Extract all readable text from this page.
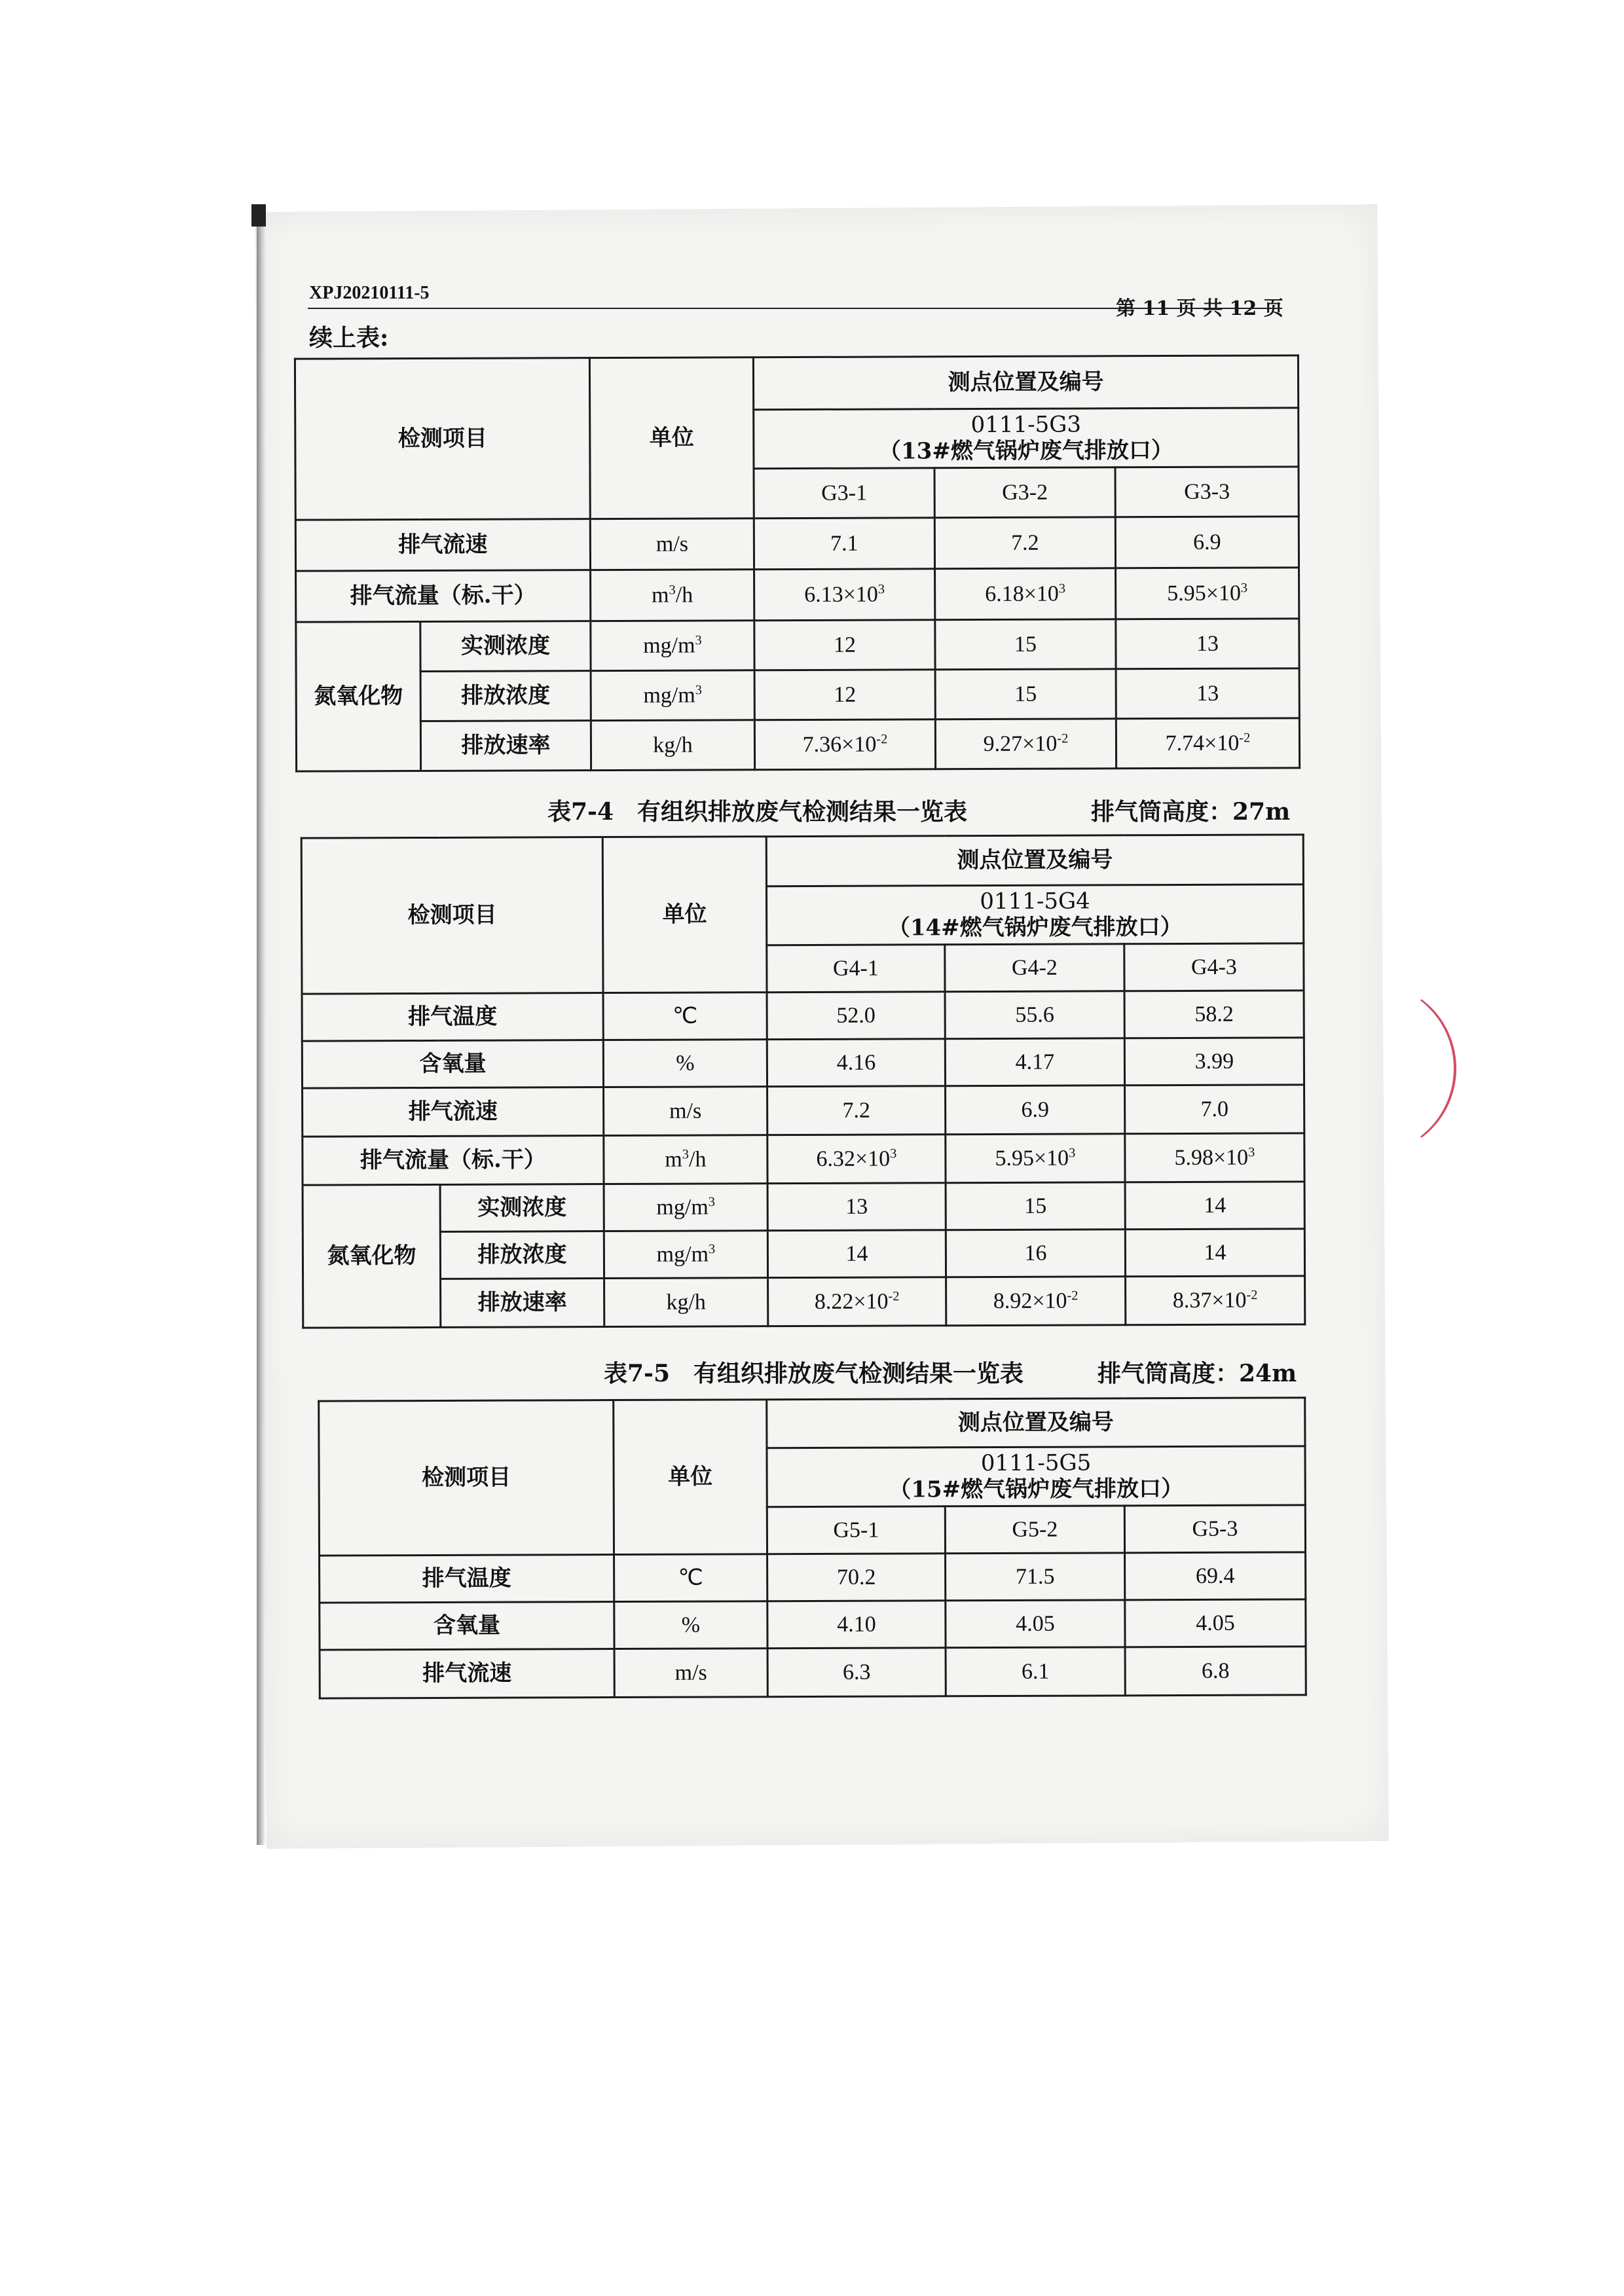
XPJ20210111-5
第 11 页 共 12 页
续上表:
检测项目		单位	测点位置及编号		

			0111-5G3
（13#燃气锅炉废气排放口）		

			G3-1	G3-2	G3-3
排气流速		m/s	7.1	7.2	6.9
排气流量（标.干）		$m^3/h$	$6.13\times 10^3$	$6.18\times 10^3$	$5.95\times 10^3$
氮氧化物	实测浓度	$mg/m^3$	12	15	13
	排放浓度	$mg/m^3$	12	15	13
	排放速率	kg/h	$7.36\times 10^{-2}$	$9.27\times 10^{-2}$	$7.74\times 10^{-2}$
表7-4　有组织排放废气检测结果一览表	排气筒高度：27m
检测项目		单位	测点位置及编号		

			0111-5G4
（14#燃气锅炉废气排放口）		

			G4-1	G4-2	G4-3
排气温度		℃	52.0	55.6	58.2
含氧量		%	4.16	4.17	3.99
排气流速		m/s	7.2	6.9	7.0
排气流量（标.干）		$m^3/h$	$6.32\times 10^3$	$5.95\times 10^3$	$5.98\times 10^3$
氮氧化物	实测浓度	$mg/m^3$	13	15	14
	排放浓度	$mg/m^3$	14	16	14
	排放速率	kg/h	$8.22\times 10^{-2}$	$8.92\times 10^{-2}$	$8.37\times 10^{-2}$
表7-5　有组织排放废气检测结果一览表	排气筒高度：24m
检测项目	单位	测点位置及编号		

		0111-5G5
（15#燃气锅炉废气排放口）		

		G5-1	G5-2	G5-3
排气温度	℃	70.2	71.5	69.4
含氧量	%	4.10	4.05	4.05
排气流速	m/s	6.3	6.1	6.8
